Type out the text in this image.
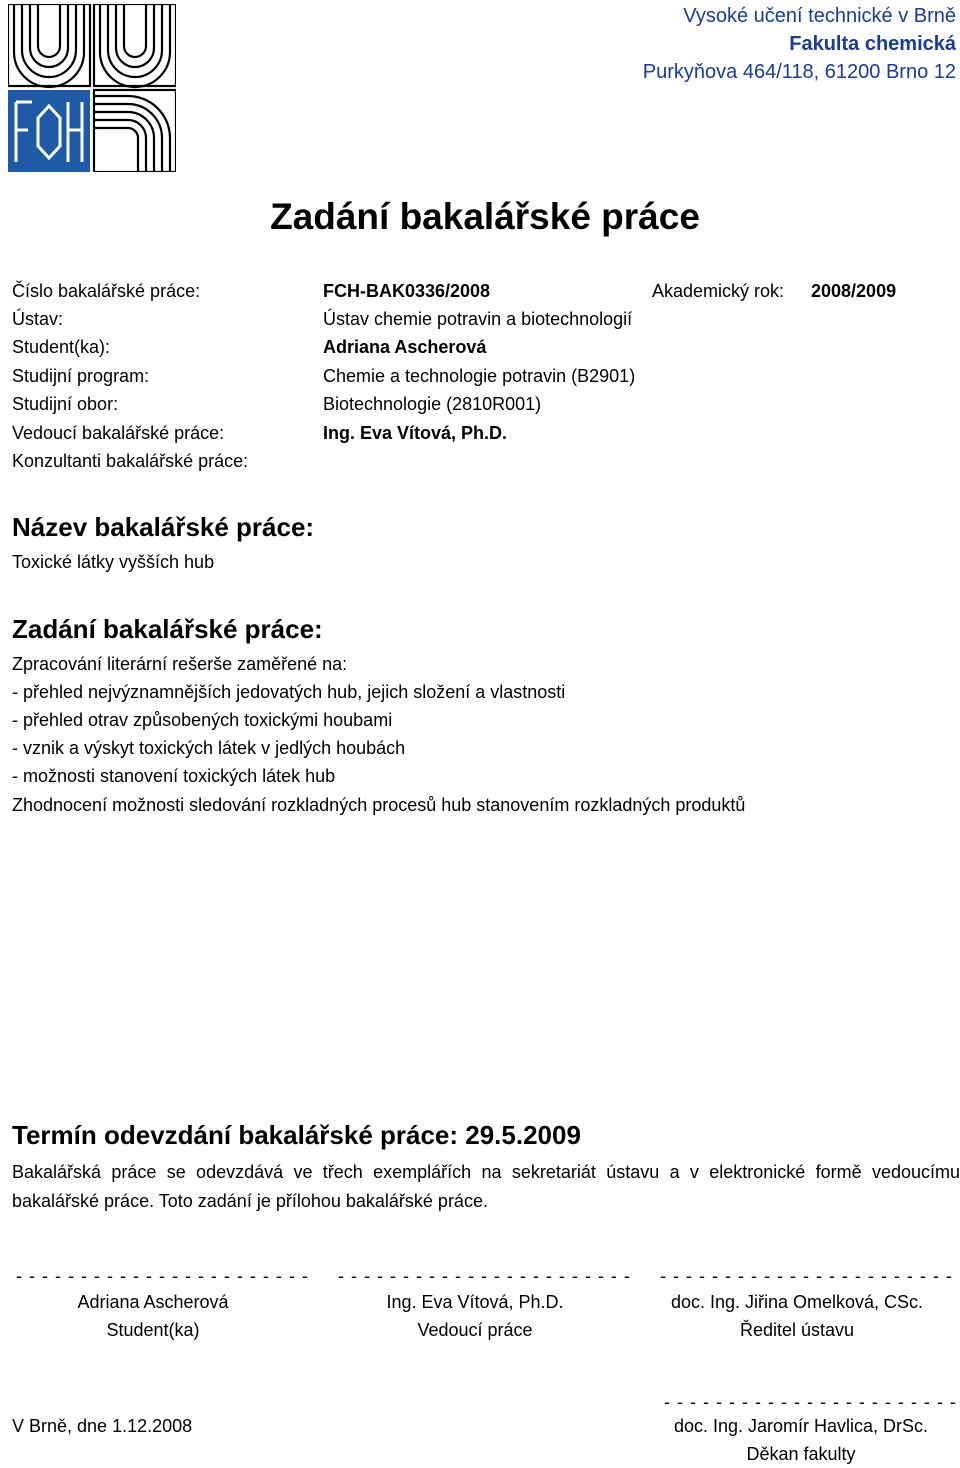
Vysoké učení technické v Brně
Fakulta chemická
Purkyňova 464/118, 61200 Brno 12
Zadání bakalářské práce
Číslo bakalářské práce:	FCH-BAK0336/2008	Akademický rok: 2008/2009
Ústav:	Ústav chemie potravin a biotechnologií
Student(ka):	Adriana Ascherová
Studijní program:	Chemie a technologie potravin (B2901)
Studijní obor:	Biotechnologie (2810R001)
Vedoucí bakalářské práce:	Ing. Eva Vítová, Ph.D.
Konzultanti bakalářské práce:
Název bakalářské práce:
Toxické látky vyšších hub
Zadání bakalářské práce:
Zpracování literární rešerše zaměřené na:
- přehled nejvýznamnějších jedovatých hub, jejich složení a vlastnosti
- přehled otrav způsobených toxickými houbami
- vznik a výskyt toxických látek v jedlých houbách
- možnosti stanovení toxických látek hub
Zhodnocení možnosti sledování rozkladných procesů hub stanovením rozkladných produktů
Termín odevzdání bakalářské práce: 29.5.2009
Bakalářská práce se odevzdává ve třech exemplářích na sekretariát ústavu a v elektronické formě vedoucímu bakalářské práce. Toto zadání je přílohou bakalářské práce.
- - - - - - - - - - - - - - - - - - - - - - - - - - - - - - - - - - - - - - - - - - - - - - - - - - - - - - - - - - - - - - - - - - - - -
Adriana Ascherová
Student(ka)
Ing. Eva Vítová, Ph.D.
Vedoucí práce
doc. Ing. Jiřina Omelková, CSc.
Ředitel ústavu
- - - - - - - - - - - - - - - - - - - - - - -
V Brně, dne 1.12.2008	doc. Ing. Jaromír Havlica, DrSc.
Děkan fakulty
